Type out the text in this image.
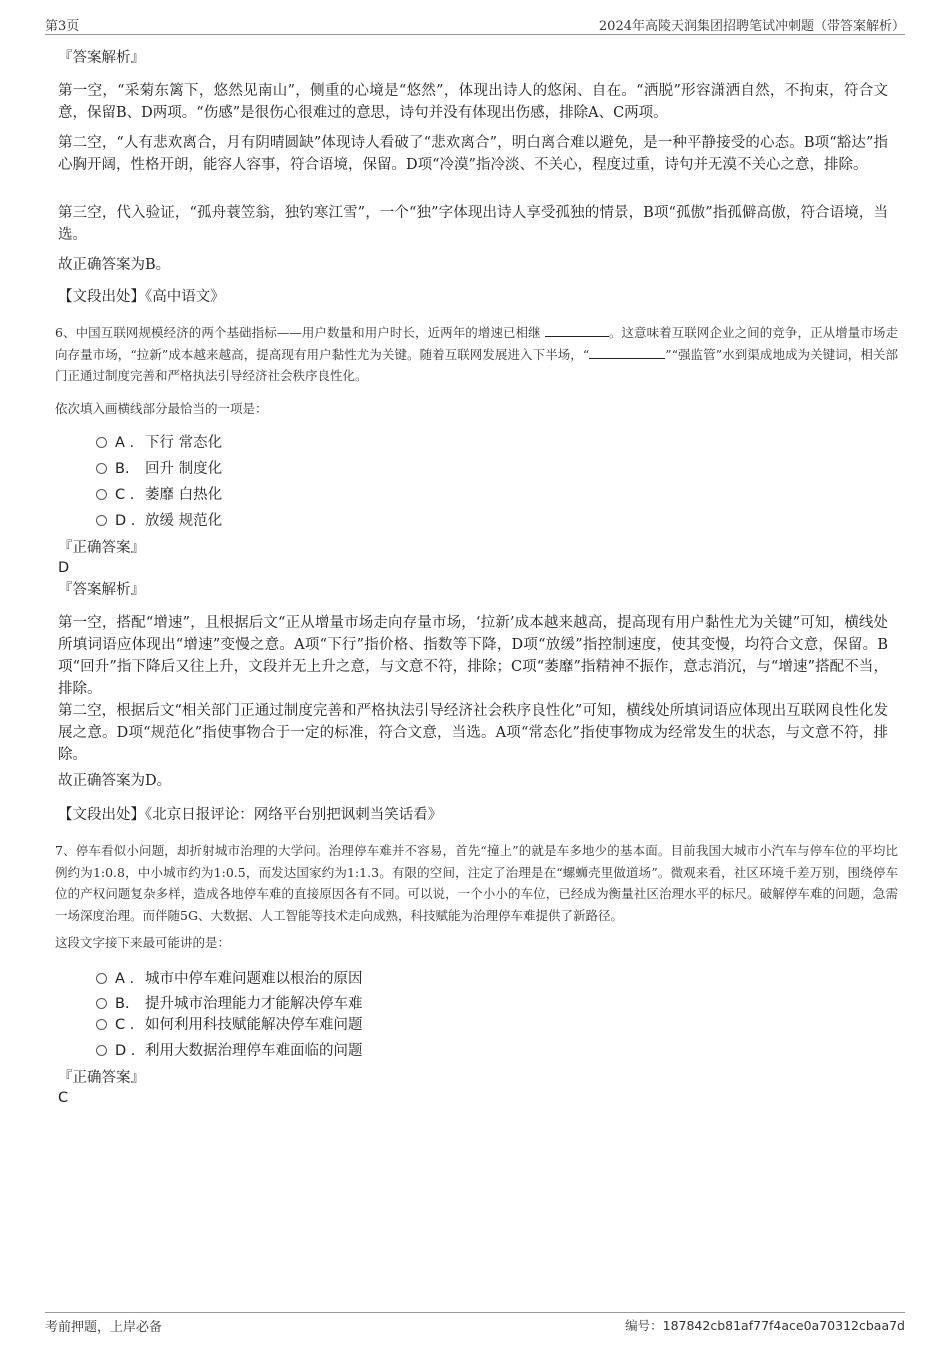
第3页	2024年高陵天润集团招聘笔试冲刺题（带答案解析）
『答案解析』
第一空，“采菊东篱下，悠然见南山”，侧重的心境是“悠然”，体现出诗人的悠闲、自在。“洒脱”形容潇洒自然，不拘束，符合文意，保留B、D两项。“伤感”是很伤心很难过的意思，诗句并没有体现出伤感，排除A、C两项。
第二空，“人有悲欢离合，月有阴晴圆缺”体现诗人看破了“悲欢离合”，明白离合难以避免，是一种平静接受的心态。B项“豁达”指心胸开阔，性格开朗，能容人容事，符合语境，保留。D项“冷漠”指冷淡、不关心，程度过重，诗句并无漠不关心之意，排除。
第三空，代入验证，“孤舟蓑笠翁，独钓寒江雪”，一个“独”字体现出诗人享受孤独的情景，B项“孤傲”指孤僻高傲，符合语境，当选。
故正确答案为B。
【文段出处】《高中语文》
6、中国互联网规模经济的两个基础指标——用户数量和用户时长，近两年的增速已相继	。这意味着互联网企业之间的竞争，正从增量市场走向存量市场，“拉新”成本越来越高，提高现有用户黏性尤为关键。随着互联网发展进入下半场，“	”“强监管”水到渠成地成为关键词，相关部门正通过制度完善和严格执法引导经济社会秩序良性化。
依次填入画横线部分最恰当的一项是：
A . 下行 常态化
B. 回升 制度化
C . 萎靡 白热化
D . 放缓 规范化
『正确答案』
D
『答案解析』
第一空，搭配“增速”，且根据后文“正从增量市场走向存量市场，‘拉新’成本越来越高，提高现有用户黏性尤为关键”可知，横线处所填词语应体现出“增速”变慢之意。A项“下行”指价格、指数等下降，D项“放缓”指控制速度，使其变慢，均符合文意，保留。B项“回升”指下降后又往上升，文段并无上升之意，与文意不符，排除；C项“萎靡”指精神不振作，意志消沉，与“增速”搭配不当，排除。
第二空，根据后文“相关部门正通过制度完善和严格执法引导经济社会秩序良性化”可知，横线处所填词语应体现出互联网良性化发展之意。D项“规范化”指使事物合于一定的标准，符合文意，当选。A项“常态化”指使事物成为经常发生的状态，与文意不符，排除。
故正确答案为D。
【文段出处】《北京日报评论：网络平台别把讽刺当笑话看》
7、停车看似小问题，却折射城市治理的大学问。治理停车难并不容易，首先“撞上”的就是车多地少的基本面。目前我国大城市小汽车与停车位的平均比例约为1:0.8，中小城市约为1:0.5，而发达国家约为1:1.3。有限的空间，注定了治理是在“螺蛳壳里做道场”。微观来看，社区环境千差万别，围绕停车位的产权问题复杂多样，造成各地停车难的直接原因各有不同。可以说，一个小小的车位，已经成为衡量社区治理水平的标尺。破解停车难的问题，急需一场深度治理。而伴随5G、大数据、人工智能等技术走向成熟，科技赋能为治理停车难提供了新路径。
这段文字接下来最可能讲的是：
A . 城市中停车难问题难以根治的原因
B. 提升城市治理能力才能解决停车难
C . 如何利用科技赋能解决停车难问题
D . 利用大数据治理停车难面临的问题
『正确答案』
C
考前押题，上岸必备	编号：187842cb81af77f4ace0a70312cbaa7d
